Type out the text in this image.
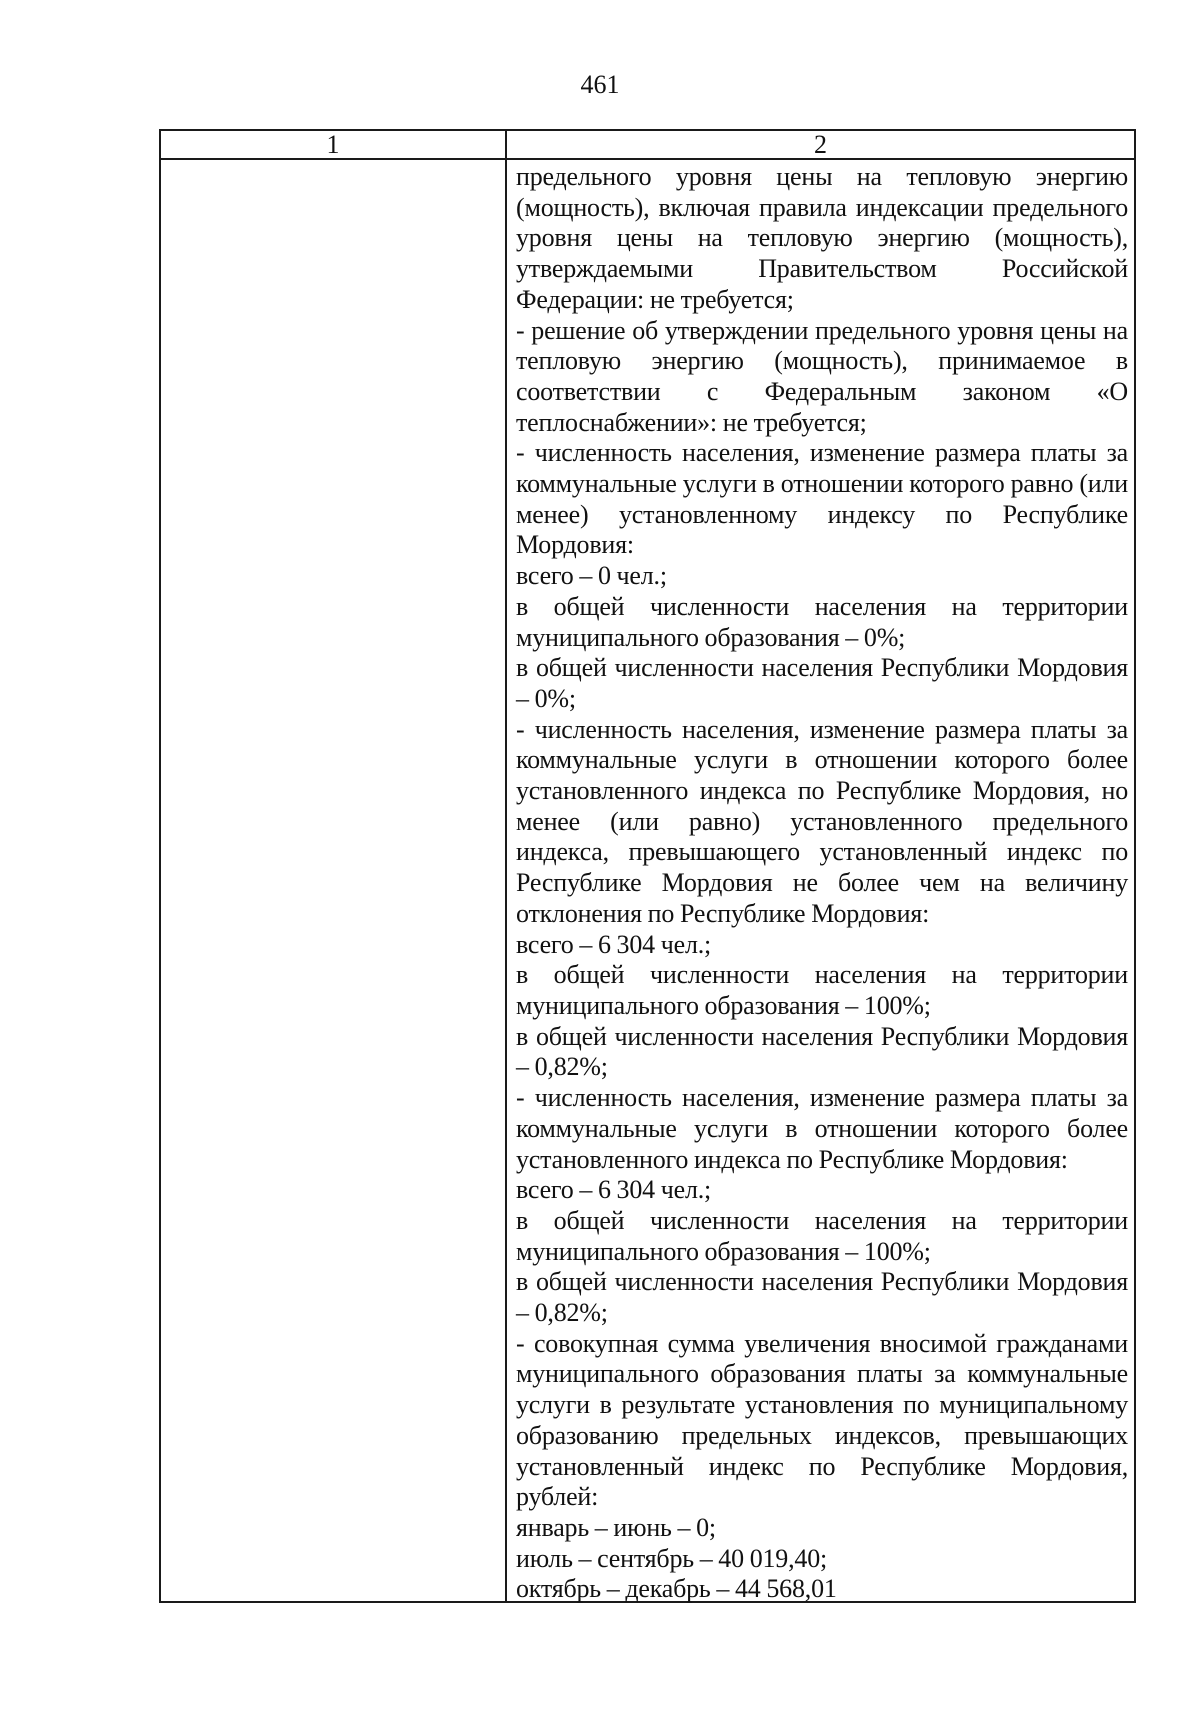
461
1	2

предельного уровня цены на тепловую энергию (мощность), включая правила индексации предельного уровня цены на тепловую энергию (мощность), утверждаемыми Правительством Российской Федерации: не требуется;

- решение об утверждении предельного уровня цены на тепловую энергию (мощность), принимаемое в соответствии с Федеральным законом «О теплоснабжении»: не требуется;

- численность населения, изменение размера платы за коммунальные услуги в отношении которого равно (или менее) установленному индексу по Республике Мордовия:

всего – 0 чел.;

в общей численности населения на территории муниципального образования – 0%;

в общей численности населения Республики Мордовия – 0%;

- численность населения, изменение размера платы за коммунальные услуги в отношении которого более установленного индекса по Республике Мордовия, но менее (или равно) установленного предельного индекса, превышающего установленный индекс по Республике Мордовия не более чем на величину отклонения по Республике Мордовия:

всего – 6 304 чел.;

в общей численности населения на территории муниципального образования – 100%;

в общей численности населения Республики Мордовия – 0,82%;

- численность населения, изменение размера платы за коммунальные услуги в отношении которого более установленного индекса по Республике Мордовия:

всего – 6 304 чел.;

в общей численности населения на территории муниципального образования – 100%;

в общей численности населения Республики Мордовия – 0,82%;

- совокупная сумма увеличения вносимой гражданами муниципального образования платы за коммунальные услуги в результате установления по муниципальному образованию предельных индексов, превышающих установленный индекс по Республике Мордовия, рублей:

январь – июнь – 0;

июль – сентябрь – 40 019,40;

октябрь – декабрь – 44 568,01
